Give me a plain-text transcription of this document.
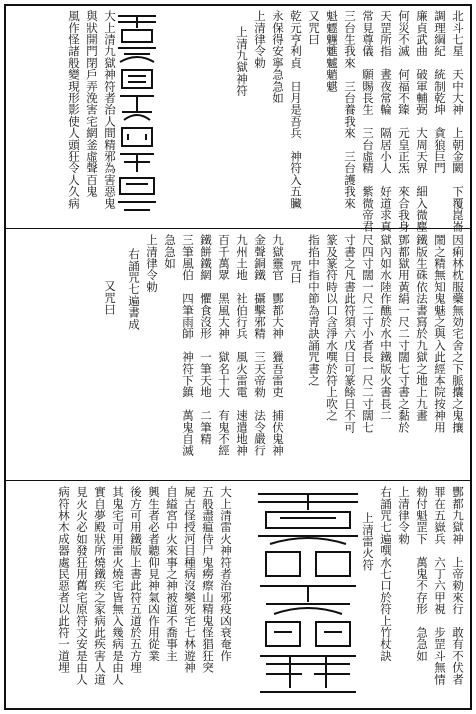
北斗七星　天中大神　上朝金闕　下覆崑崙
調理綱紀　統制乾坤　貪狼巨門
廉貞武曲　破軍輔弼　大周天界　細入微塵
何災不滅　何福不臻　元皇正炁　來合我身
天罡所指　晝夜常輪　隔居小人　好道求真
常見尊儀　願賜長生　三台虛精　紫微帝君
三台生我來　三台養我來　三台護我來
魁魒魓魋魖魈魌
又咒曰
乾元亨利貞　日月是吾兵　神符入五臟
永保得安寧急急如
上清律令勅
上清九獄神符
大上清九獄神符者治人間精邪為害惡鬼
與狀開門閉戶弄浼害宅網釜虛聲百鬼
風作怪諸般變現形影使人頭狂令人久病
因痢林枕服藥無効宅舍之下脈攮之鬼攘
鬧之精無知鬼魅之與入此經本院按神用
鐵版生硃依法書寫於九獄之地上九畫
鄧都獄用黃絹一尺二寸闊七寸書之黏於
獄內如水陸作醮於水中鐵版火書長二
尺四寸闊一尺二寸小者長一尺二寸闊七
寸書之凡書此符須六戊日可篆餘日不可
篆及篆符時以口含淨水噀於符上吹之
指掐中指中節為靑訣誦咒書之
咒曰
九獄靈官　酆都大神　獵吾雷吏　捕伏鬼神
金聲銅鐵　攝擊邪精　三天帝勑　法令嚴行
九州土地　社伯行兵　風火雷電　速遣地神
百千萬眾　黑風大神　獄名十大　有鬼不經
鐵餅鐵網　懼食沒形　一筆天地　二筆精
三筆風伯　四筆雨師　神符下鎮　萬鬼自滅
急急如
上清律令勅
右誦咒七遍書成
又咒曰
酆都九獄神　上帝勑來行　敢有不伏者
罪在五嶽兵　六丁六甲視　步罡斗無情
勑付魁罡下　萬鬼不存形　急急如
上清律令勑
右誦咒七遍噀水七口於符上竹杖訣
上清雷火符
大上清雷火神符者治邪疫凶衰奄作
五般盡瘟侍尸鬼癆瘵山精鬼怪猖狂突
屍古怪授河目種病沒樂死宅七林遊神
自縊宮中火來事之神被道不喬事主
興生者必者聽仰見神氣凶作用從業
後方可用鐵版上書此符五道於五方埋
其鬼宅可用雷火燒宅皆無入幾病是由人
實自夢殿狀所燒鐵疾之家病此疾害人道
見火火必如發狂用舊宅原符文安是由人
病符林木成器處民惡者以此符一道埋
